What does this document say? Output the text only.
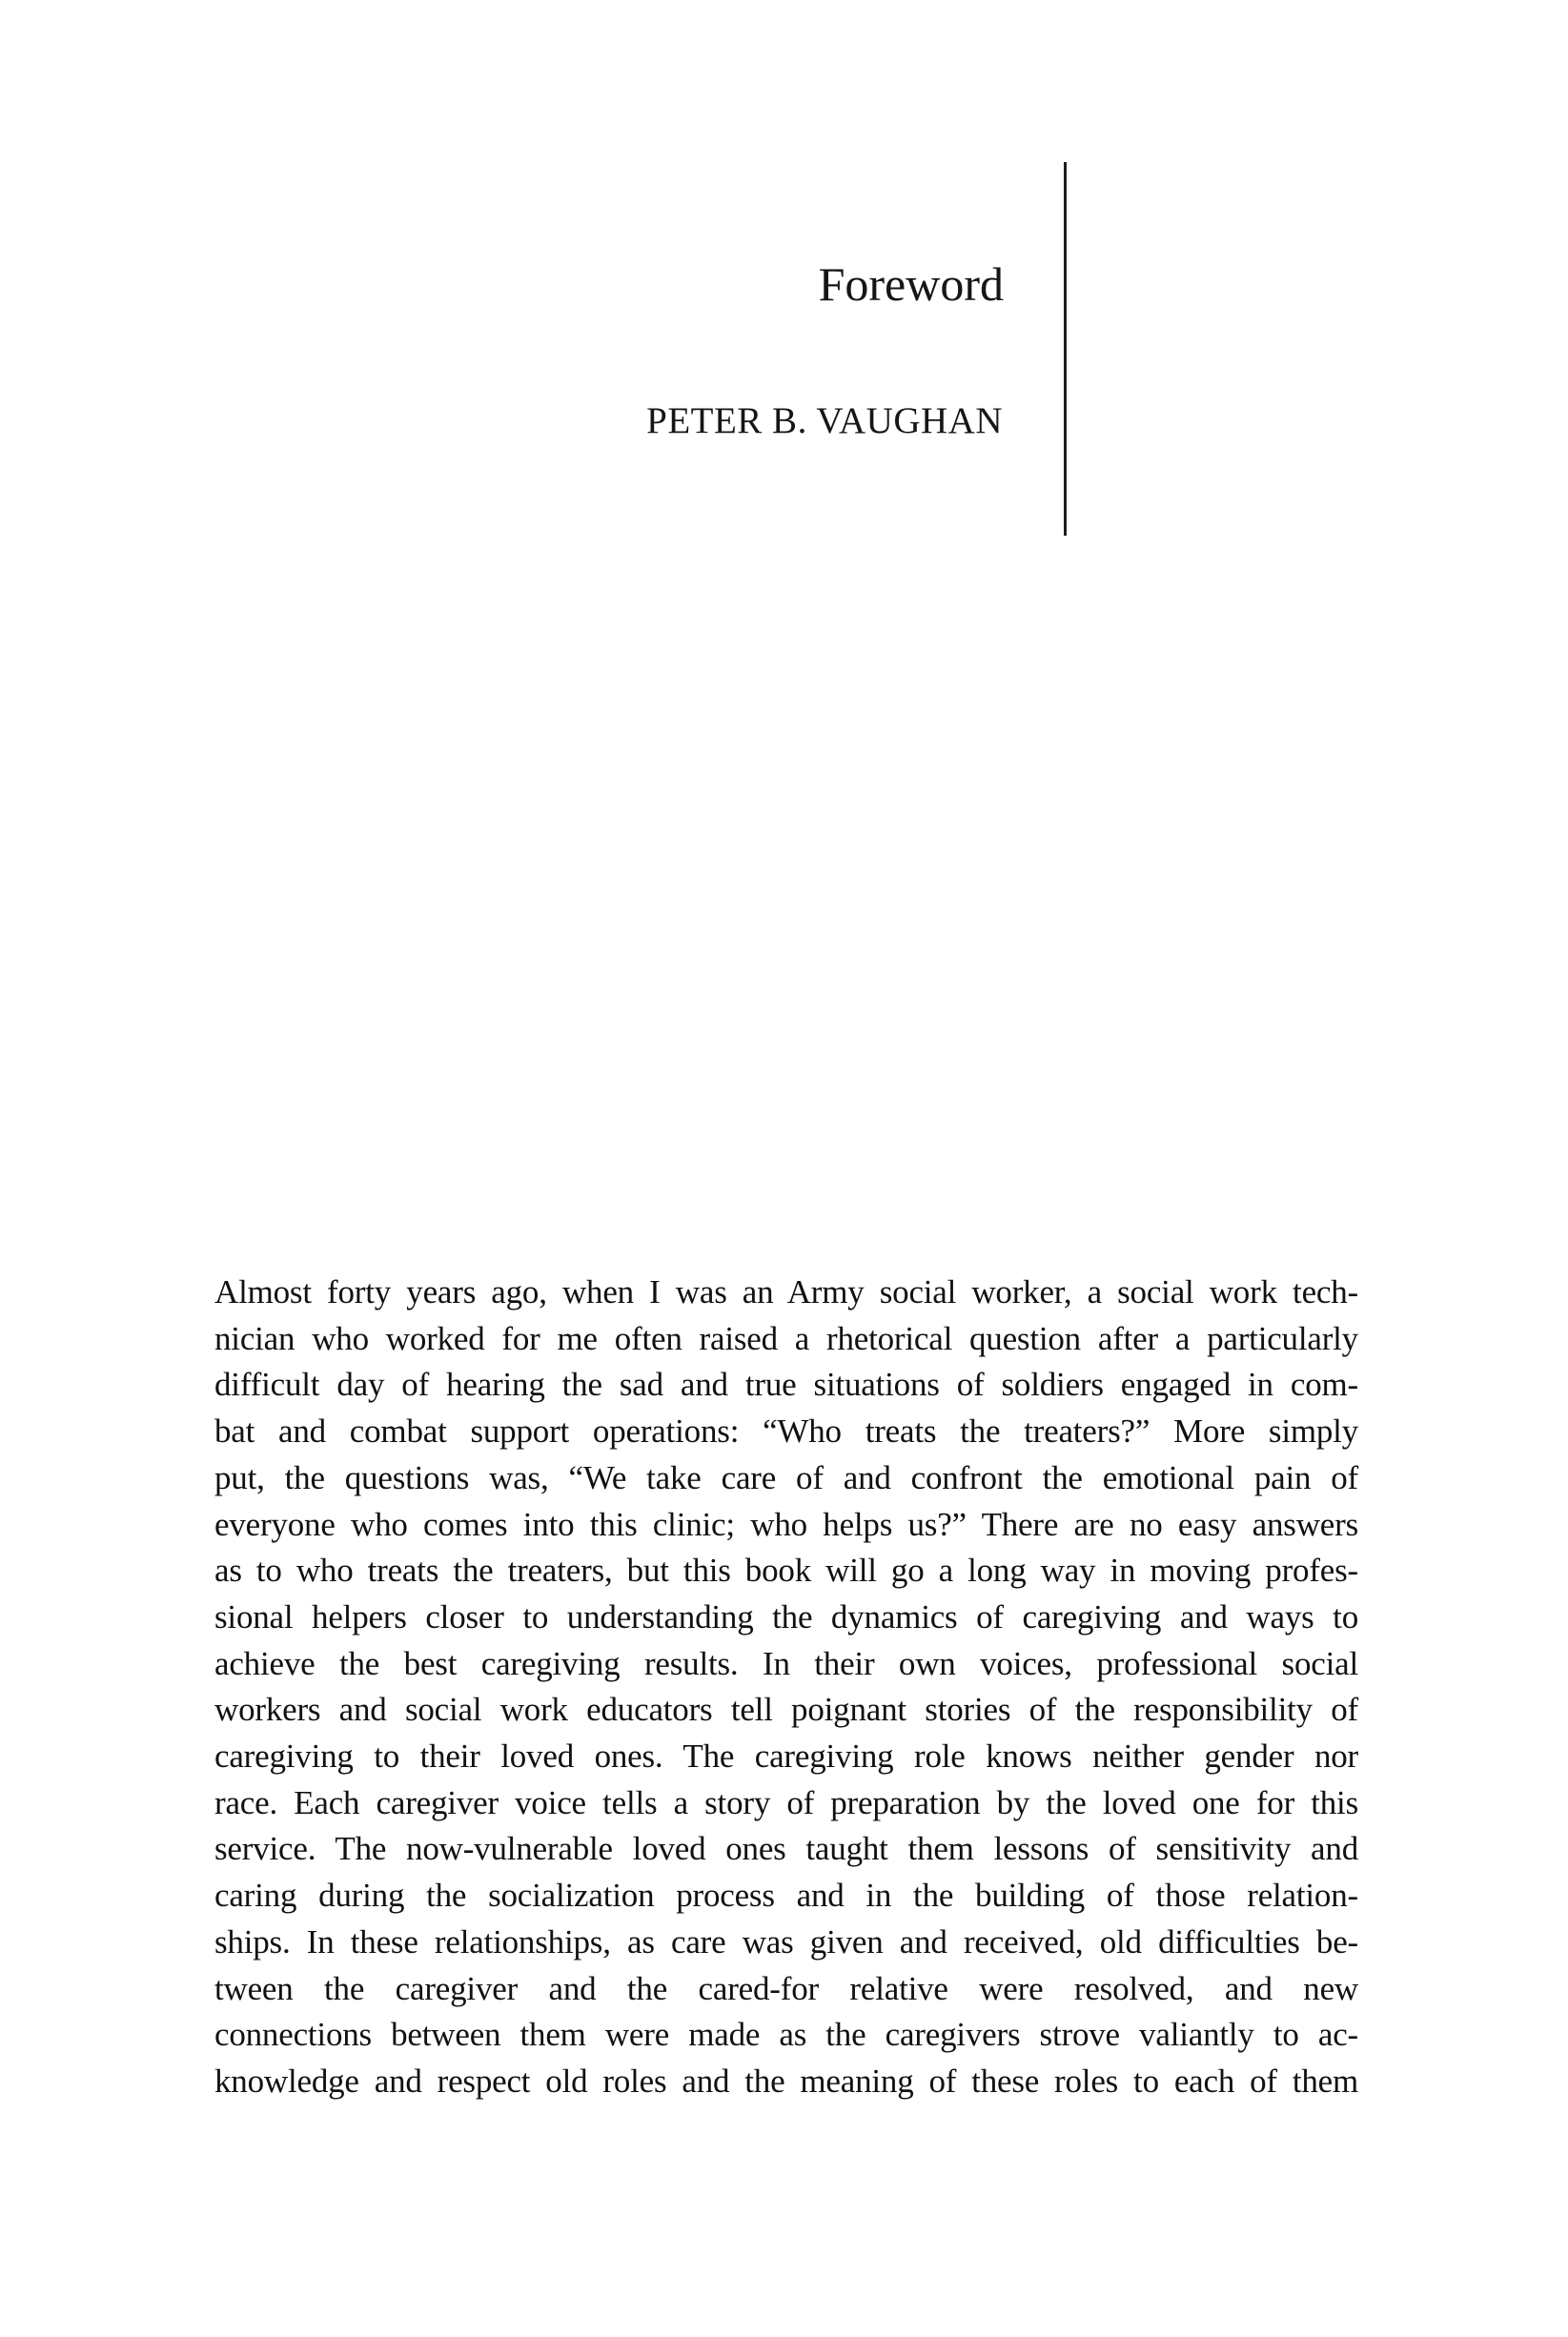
Foreword
PETER B. VAUGHAN
Almost forty years ago, when I was an Army social worker, a social work tech-
nician who worked for me often raised a rhetorical question after a particularly
difficult day of hearing the sad and true situations of soldiers engaged in com-
bat and combat support operations: “Who treats the treaters?” More simply
put, the questions was, “We take care of and confront the emotional pain of
everyone who comes into this clinic; who helps us?” There are no easy answers
as to who treats the treaters, but this book will go a long way in moving profes-
sional helpers closer to understanding the dynamics of caregiving and ways to
achieve the best caregiving results. In their own voices, professional social
workers and social work educators tell poignant stories of the responsibility of
caregiving to their loved ones. The caregiving role knows neither gender nor
race. Each caregiver voice tells a story of preparation by the loved one for this
service. The now-vulnerable loved ones taught them lessons of sensitivity and
caring during the socialization process and in the building of those relation-
ships. In these relationships, as care was given and received, old difficulties be-
tween the caregiver and the cared-for relative were resolved, and new
connections between them were made as the caregivers strove valiantly to ac-
knowledge and respect old roles and the meaning of these roles to each of them
